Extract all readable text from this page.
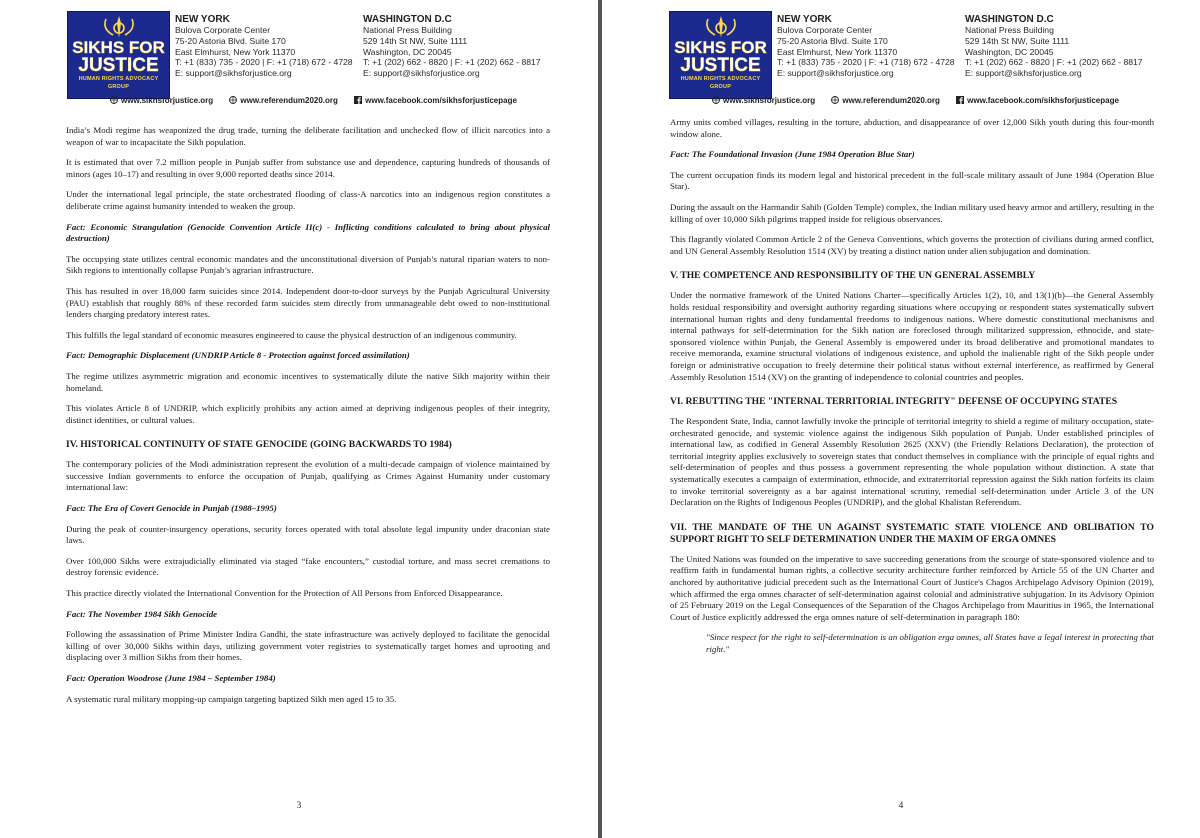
SIKHS FOR
JUSTICE
HUMAN RIGHTS ADVOCACY GROUP
NEW YORK
Bulova Corporate Center
75-20 Astoria Blvd. Suite 170
East Elmhurst, New York 11370
T: +1 (833) 735 - 2020 | F: +1 (718) 672 - 4728
E: support@sikhsforjustice.org
WASHINGTON D.C
National Press Building
529 14th St NW, Suite 1111
Washington, DC 20045
T: +1 (202) 662 - 8820 | F: +1 (202) 662 - 8817
E: support@sikhsforjustice.org
www.sikhsforjustice.org	www.referendum2020.org	www.facebook.com/sikhsforjusticepage

India’s Modi regime has weaponized the drug trade, turning the deliberate facilitation and unchecked flow of illicit narcotics into a weapon of war to incapacitate the Sikh population.

It is estimated that over 7.2 million people in Punjab suffer from substance use and dependence, capturing hundreds of thousands of minors (ages 10–17) and resulting in over 9,000 reported deaths since 2014.

Under the international legal principle, the state orchestrated flooding of class-A narcotics into an indigenous region constitutes a deliberate crime against humanity intended to weaken the group.

Fact: Economic Strangulation (Genocide Convention Article II(c) - Inflicting conditions calculated to bring about physical destruction)

The occupying state utilizes central economic mandates and the unconstitutional diversion of Punjab’s natural riparian waters to non-Sikh regions to intentionally collapse Punjab’s agrarian infrastructure.

This has resulted in over 18,000 farm suicides since 2014. Independent door-to-door surveys by the Punjab Agricultural University (PAU) establish that roughly 88% of these recorded farm suicides stem directly from unmanageable debt owed to non-institutional lenders charging predatory interest rates.

This fulfills the legal standard of economic measures engineered to cause the physical destruction of an indigenous community.

Fact: Demographic Displacement (UNDRIP Article 8 - Protection against forced assimilation)

The regime utilizes asymmetric migration and economic incentives to systematically dilute the native Sikh majority within their homeland.

This violates Article 8 of UNDRIP, which explicitly prohibits any action aimed at depriving indigenous peoples of their integrity, distinct identities, or cultural values.

IV. HISTORICAL CONTINUITY OF STATE GENOCIDE (GOING BACKWARDS TO 1984)

The contemporary policies of the Modi administration represent the evolution of a multi-decade campaign of violence maintained by successive Indian governments to enforce the occupation of Punjab, qualifying as Crimes Against Humanity under customary international law:

Fact: The Era of Covert Genocide in Punjab (1988–1995)

During the peak of counter-insurgency operations, security forces operated with total absolute legal impunity under draconian state laws.

Over 100,000 Sikhs were extrajudicially eliminated via staged “fake encounters,” custodial torture, and mass secret cremations to destroy forensic evidence.

This practice directly violated the International Convention for the Protection of All Persons from Enforced Disappearance.

Fact: The November 1984 Sikh Genocide

Following the assassination of Prime Minister Indira Gandhi, the state infrastructure was actively deployed to facilitate the genocidal killing of over 30,000 Sikhs within days, utilizing government voter registries to systematically target homes and uprooting and displacing over 3 million Sikhs from their homes.

Fact: Operation Woodrose (June 1984 – September 1984)

A systematic rural military mopping-up campaign targeting baptized Sikh men aged 15 to 35.

3
SIKHS FOR
JUSTICE
HUMAN RIGHTS ADVOCACY GROUP
NEW YORK
Bulova Corporate Center
75-20 Astoria Blvd. Suite 170
East Elmhurst, New York 11370
T: +1 (833) 735 - 2020 | F: +1 (718) 672 - 4728
E: support@sikhsforjustice.org
WASHINGTON D.C
National Press Building
529 14th St NW, Suite 1111
Washington, DC 20045
T: +1 (202) 662 - 8820 | F: +1 (202) 662 - 8817
E: support@sikhsforjustice.org
www.sikhsforjustice.org	www.referendum2020.org	www.facebook.com/sikhsforjusticepage

Army units combed villages, resulting in the torture, abduction, and disappearance of over 12,000 Sikh youth during this four-month window alone.

Fact: The Foundational Invasion (June 1984 Operation Blue Star)

The current occupation finds its modern legal and historical precedent in the full-scale military assault of June 1984 (Operation Blue Star).

During the assault on the Harmandir Sahib (Golden Temple) complex, the Indian military used heavy armor and artillery, resulting in the killing of over 10,000 Sikh pilgrims trapped inside for religious observances.

This flagrantly violated Common Article 2 of the Geneva Conventions, which governs the protection of civilians during armed conflict, and UN General Assembly Resolution 1514 (XV) by treating a distinct nation under alien subjugation and domination.

V. THE COMPETENCE AND RESPONSIBILITY OF THE UN GENERAL ASSEMBLY

Under the normative framework of the United Nations Charter—specifically Articles 1(2), 10, and 13(1)(b)—the General Assembly holds residual responsibility and oversight authority regarding situations where occupying or respondent states systematically subvert international human rights and deny fundamental freedoms to indigenous nations. Where domestic constitutional mechanisms and internal pathways for self-determination for the Sikh nation are foreclosed through militarized suppression, ethnocide, and state-sponsored violence within Punjab, the General Assembly is empowered under its broad deliberative and promotional mandates to receive memoranda, examine structural violations of indigenous existence, and uphold the inalienable right of the Sikh people under foreign or administrative occupation to freely determine their political status without external interference, as reaffirmed by General Assembly Resolution 1514 (XV) on the granting of independence to colonial countries and peoples.

VI. REBUTTING THE "INTERNAL TERRITORIAL INTEGRITY" DEFENSE OF OCCUPYING STATES

The Respondent State, India, cannot lawfully invoke the principle of territorial integrity to shield a regime of military occupation, state-orchestrated genocide, and systemic violence against the indigenous Sikh population of Punjab. Under established principles of international law, as codified in General Assembly Resolution 2625 (XXV) (the Friendly Relations Declaration), the protection of territorial integrity applies exclusively to sovereign states that conduct themselves in compliance with the principle of equal rights and self-determination of peoples and thus possess a government representing the whole population without distinction. A state that systematically executes a campaign of extermination, ethnocide, and extraterritorial repression against the Sikh nation forfeits its claim to invoke territorial sovereignty as a bar against international scrutiny, remedial self-determination under Article 3 of the UN Declaration on the Rights of Indigenous Peoples (UNDRIP), and the global Khalistan Referendum.

VII. THE MANDATE OF THE UN AGAINST SYSTEMATIC STATE VIOLENCE AND OBLIBATION TO SUPPORT RIGHT TO SELF DETERMINATION UNDER THE MAXIM OF ERGA OMNES

The United Nations was founded on the imperative to save succeeding generations from the scourge of state-sponsored violence and to reaffirm faith in fundamental human rights, a collective security architecture further reinforced by Article 55 of the UN Charter and anchored by authoritative judicial precedent such as the International Court of Justice's Chagos Archipelago Advisory Opinion (2019), which affirmed the erga omnes character of self-determination against colonial and administrative subjugation. In its Advisory Opinion of 25 February 2019 on the Legal Consequences of the Separation of the Chagos Archipelago from Mauritius in 1965, the International Court of Justice explicitly addressed the erga omnes nature of self-determination in paragraph 180:

"Since respect for the right to self-determination is an obligation erga omnes, all States have a legal interest in protecting that right."
4
